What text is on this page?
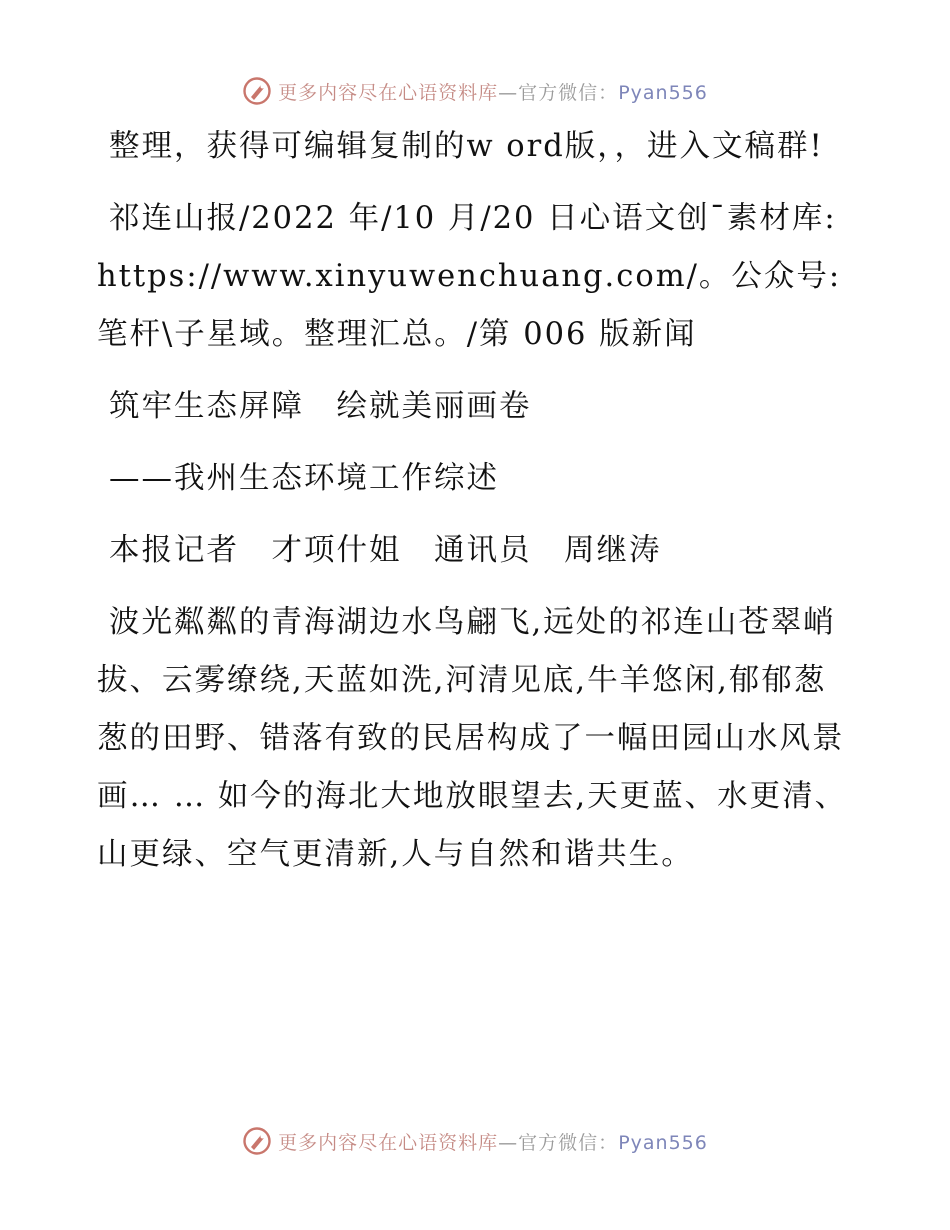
更多内容尽在心语资料库—官方微信：Pyan556

整理，获得可编辑复制的w ord版，，进入文稿群!

祁连山报/2022 年/10 月/20 日心语文创¯素材库: https://www.xinyuwenchuang.com/。公众号: 笔杆\子星域。整理汇总。/第 006 版新闻

筑牢生态屏障　绘就美丽画卷

——我州生态环境工作综述

本报记者　才项什姐　通讯员　周继涛

波光粼粼的青海湖边水鸟翩飞,远处的祁连山苍翠峭拔、云雾缭绕,天蓝如洗,河清见底,牛羊悠闲,郁郁葱葱的田野、错落有致的民居构成了一幅田园山水风景画… … 如今的海北大地放眼望去,天更蓝、水更清、山更绿、空气更清新,人与自然和谐共生。

更多内容尽在心语资料库—官方微信：Pyan556
